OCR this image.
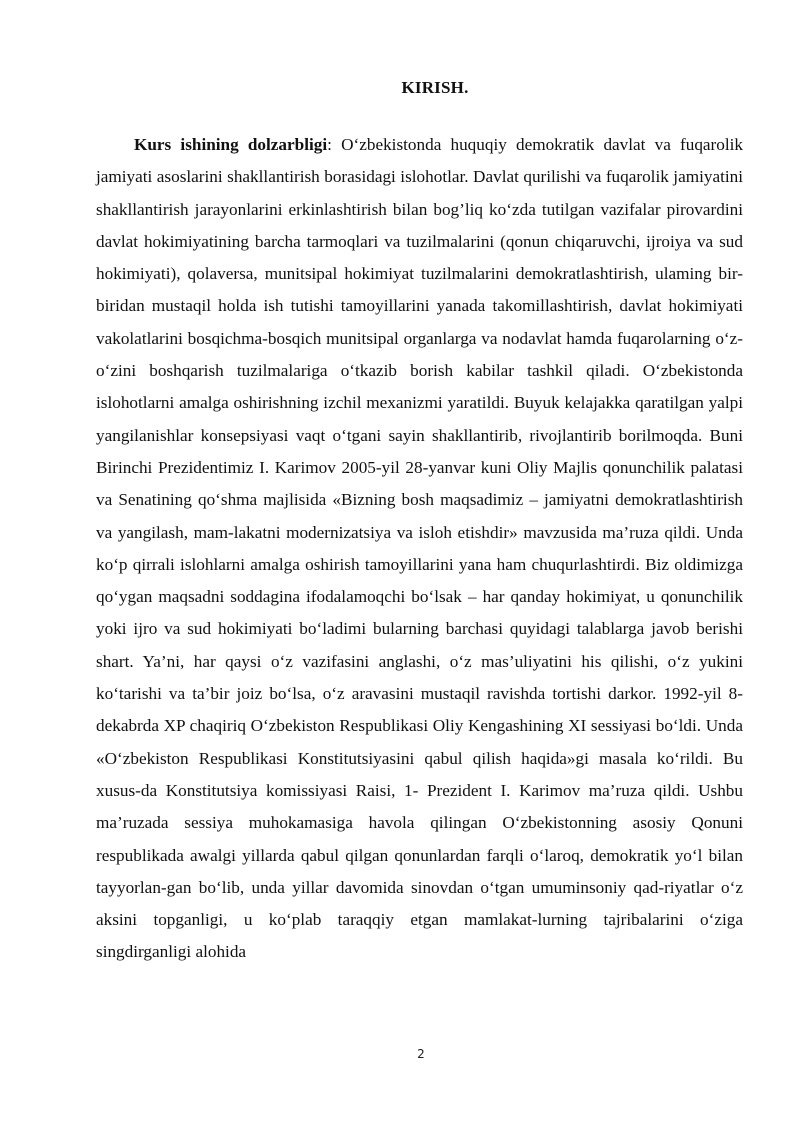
KIRISH.

Kurs ishining dolzarbligi: O‘zbekistonda huquqiy demokratik davlat va fuqarolik jamiyati asoslarini shakllantirish borasidagi islohotlar. Davlat qurilishi va fuqarolik jamiyatini shakllantirish jarayonlarini erkinlashtirish bilan bog’liq ko‘zda tutilgan vazifalar pirovardini davlat hokimiyatining barcha tarmoqlari va tuzilmalarini (qonun chiqaruvchi, ijroiya va sud hokimiyati), qolaversa, munitsipal hokimiyat tuzilmalarini demokratlashtirish, ulaming bir-biridan mustaqil holda ish tutishi tamoyillarini yanada takomillashtirish, davlat hokimiyati vakolatlarini bosqichma-bosqich munitsipal organlarga va nodavlat hamda fuqarolarning o‘z-o‘zini boshqarish tuzilmalariga o‘tkazib borish kabilar tashkil qiladi. O‘zbekistonda islohotlarni amalga oshirishning izchil mexanizmi yaratildi. Buyuk kelajakka qaratilgan yalpi yangilanishlar konsepsiyasi vaqt o‘tgani sayin shakllantirib, rivojlantirib borilmoqda. Buni Birinchi Prezidentimiz I. Karimov 2005-yil 28-yanvar kuni Oliy Majlis qonunchilik palatasi va Senatining qo‘shma majlisida «Bizning bosh maqsadimiz – jamiyatni demokratlashtirish va yangilash, mam-lakatni modernizatsiya va isloh etishdir» mavzusida ma’ruza qildi. Unda ko‘p qirrali islohlarni amalga oshirish tamoyillarini yana ham chuqurlashtirdi. Biz oldimizga qo‘ygan maqsadni soddagina ifodalamoqchi bo‘lsak – har qanday hokimiyat, u qonunchilik yoki ijro va sud hokimiyati bo‘ladimi bularning barchasi quyidagi talablarga javob berishi shart. Ya’ni, har qaysi o‘z vazifasini anglashi, o‘z mas’uliyatini his qilishi, o‘z yukini ko‘tarishi va ta’bir joiz bo‘lsa, o‘z aravasini mustaqil ravishda tortishi darkor. 1992-yil 8-dekabrda XP chaqiriq O‘zbekiston Respublikasi Oliy Kengashining XI sessiyasi bo‘ldi. Unda «O‘zbekiston Respublikasi Konstitutsiyasini qabul qilish haqida»gi masala ko‘rildi. Bu xusus-da Konstitutsiya komissiyasi Raisi, 1- Prezident I. Karimov ma’ruza qildi. Ushbu ma’ruzada sessiya muhokamasiga havola qilingan O‘zbekistonning asosiy Qonuni respublikada awalgi yillarda qabul qilgan qonunlardan farqli o‘laroq, demokratik yo‘l bilan tayyorlan-gan bo‘lib, unda yillar davomida sinovdan o‘tgan umuminsoniy qad-riyatlar o‘z aksini topganligi, u ko‘plab taraqqiy etgan mamlakat-lurning tajribalarini o‘ziga singdirganligi alohida

2
